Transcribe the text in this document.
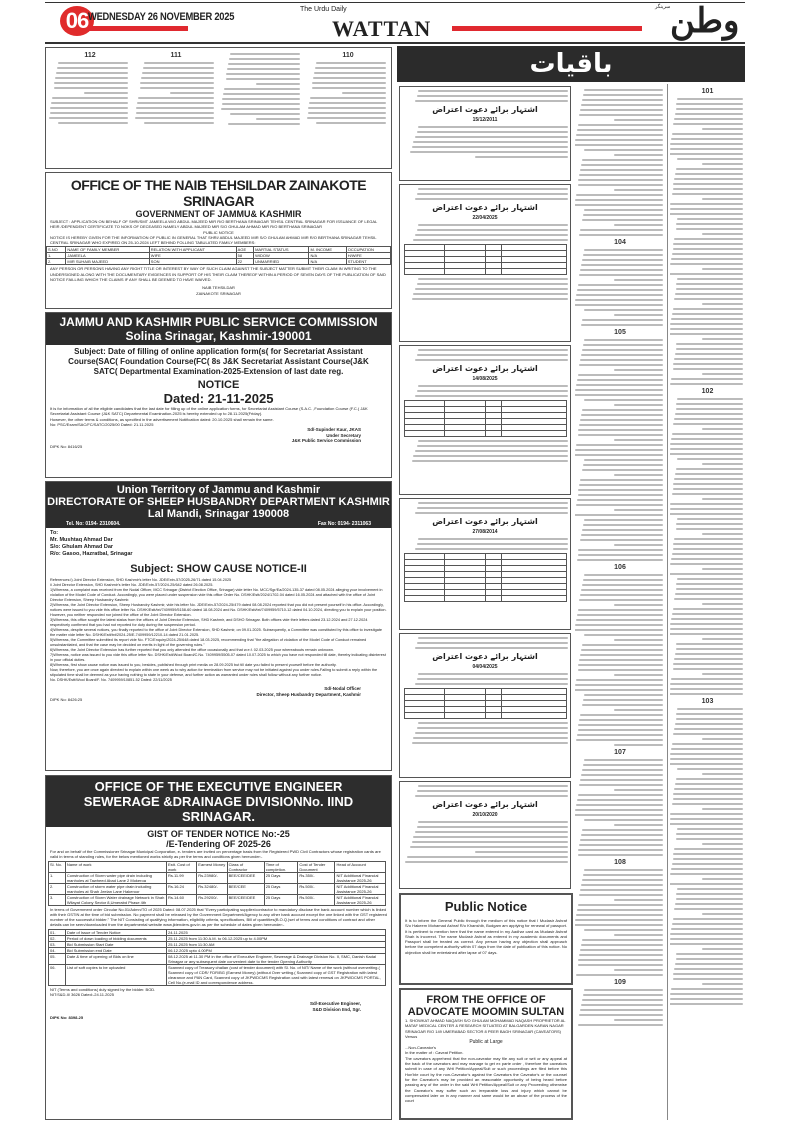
06 WEDNESDAY 26 NOVEMBER 2025
The Urdu Daily
WATTAN	وطن
سرینگر
112	111	110
OFFICE OF THE NAIB TEHSILDAR ZAINAKOTE SRINAGAR
GOVERNMENT OF JAMMU& KASHMIR
SUBJECT : APPLICATION ON BEHALF OF SHRI/SMT JAMEELA W/O ABDUL MAJEED MIR R/O BERTHANA SRINAGAR TEHSIL CENTRAL SRINAGAR FOR ISSUANCE OF LEGAL HEIR /DEPENDENT CERTIFICATE TO NOKS OF DECEASED NAMELY ABDUL MAJEED MIR S/O GHULAM AHMAD MIR R/O BERTHANA SRINAGAR
PUBLIC NOTICE
NOTICE IS HEREBY GIVEN FOR THE INFORMATION OF PUBLIC IN GENERAL THAT SHRI/ ABDUL MAJEED MIR S/O GHULAM AHMAD MIR R/O BERTHANA SRINAGAR TEHSIL CENTRAL SRINAGAR WHO EXPIRED ON 25-10-2024 LEFT BEHIND FOLLING TABULATED FAMILY MEMBERS:
S.NO	NAME OF FAMILY MEMBER	RELATION WITH APPLICANT	AGE	MARTIAL STATUS	M. INCOME	OCCUPATION
1.	JAMEELA	WIFE	58	WIDOW	N/A	H/WIFE
2.	MIR SUHAIB MAJEED	SON	22	UNMARRIED	N/A	STUDENT
ANY PERSON OR PERSONS HAVING ANY RIGHT TITLE OR INTEREST BY WAY OF SUCH CLAIM AGAINST THE SUBJECT MATTER SUBMIT THEIR CLAIM IN WRITING TO THE UNDERSIGNED ALONG WITH THE DOCUMENTARY EVIDENCES IN SUPPORT OF HIS THEIR CLAIM THEREOF WITHIN A PERIOD OF SEVEN DAYS OF THE PUBLICATION OF SAID NOTICE FAILLING WHICH THE CLAIMS IF ANY SHALL BE DEEMED TO HAVE WAIVED.
NAIB TEHSILDAR
ZAINAKOTE SRINAGAR
JAMMU AND KASHMIR PUBLIC SERVICE COMMISSION
Solina Srinagar, Kashmir-190001
Subject: Date of filling of online application form(s( for Secretariat Assistant Course(SAC( Foundation Course(FC( 8s J&K Secretariat Assistant Course(J&K SATC( Departmental Examination-2025-Extension of last date reg.
NOTICE
Dated: 21-11-2025
It is for information of all the eligible candidates that the last date for filling up of the online application forms, for Secretariat Assistant Course (S.A.C. ,Foundation Course (F.C.( J&K Secretariat Assistant Course (J&K SATC( Departmental Examination-2025 is hereby extended up to 28.11.2025(Friday(.
However, the other terms & conditions, as specified in the advertisement Notification dated: 20.10.2025 shall remain the same.
No: PSC/Exam/SAC/FC/SATC/2025/00 Dated: 21.11.2025
Sd/-Supinder Kaur, JKAS
Under Secretary
J&K Public Service Commission
DIPK No: 8416/25
Union Territory of Jammu and Kashmir
DIRECTORATE OF SHEEP HUSBANDRY DEPARTMENT KASHMIR
Lal Mandi, Srinagar 190008
Tel. No: 0194- 2310604.	Fax No: 0194- 2311063
To:
Mr. Mushtaq Ahmad Dar
S/o: Ghulam Ahmad Dar
R/o: Gasoo, Hazratbal, Srinagar
Subject: SHOW CAUSE NOTICE-II
References:i) Joint Director Extension, SHD Kashmir's letter No. JDE/Extn-57/2025-26/71 dated 15.04.2025
ii Joint Director Extension, SHD Kashmir's letter No. JDE/Extn-57/2024-25/642 dated 26.08.2025.
1)Whereas, a complaint was received from the Nodal Officer, MCC Srinagar (District Election Office, Srinagar) vide letter No. MCC/Sgr/Ea/2024-135-37 dated 08.05.2024 alleging your involvement in violation of the Model Code of Conduct. Accordingly, you were placed under suspension vide this office Order No. DSHK/Estt/2024/1702-04 dated 16.05.2024 and attached with the office of Joint Director Extension, Sheep Husbandry Kashmir.
2)Whereas, the Joint Director Extension, Sheep Husbandry Kashmir, vide his letter No. JDE/Extn-57/2024-25/479 dated 08.08.2024 reported that you did not present yourself in his office. Accordingly, notices were issued to you vide this office letter No. DSHK/Estt/txt/7409959/5158-60 dated 18.08.2024 and No. DSHK/Estt/txt/7409959/5710-12 dated 04.10.2024, directing you to explain your position. However, you neither responded nor joined the office of the Joint Director Extension.
3)Whereas, this office sought the latest status from the offices of Joint Director Extension, SHD Kashmir, and DSHO Srinagar. Both offices vide their letters dated 23.12.2024 and 27.12.2024 respectively confirmed that you had not reported for duty during the suspension period.
4)Whereas, despite several notices, you finally reported to the office of Joint Director Extension, SHD Kashmir, on 09.01.2025. Subsequently, a Committee was constituted by this office to investigate the matter vide letter No. DSHK/Estt/txt/2024-25/E-7409959/12210-14 dated 21.01.2025.
5)Whereas, the Committee submitted its report vide No. FTC/Enquiry/2024-25/648 dated 18.03.2025, recommending that "the allegation of violation of the Model Code of Conduct remained unsubstantiated, and that the case may be decided on merits in light of the governing rules."
6)Whereas, the Joint Director Extension has further reported that you only attended the office occasionally and that w.e.f. 02.03.2025 your whereabouts remain unknown.
7)Whereas, notice was issued to you vide this office letter No. DSHK/Estt/Wool Board/C.No. 7409959/5505-07 dated 10.07.2025 to which you have not responded till date, thereby indicating disinterest in your official duties.
8)Whereas, first show cause notice was issued to you, besides, published through print media on 28.09.2025 but till date you failed to present yourself before the authority.
Now, therefore, you are once again directed to explain within one week as to why action for termination from service may not be initiated against you under rules.Failing to submit a reply within the stipulated time shall be deemed as your having nothing to state in your defense, and further action as warranted under rules shall follow without any further notice.
No. DSHK/Estt/Wool Board/F. No. 7409959/10851-52 Dated: 22/11/2025
Sd/-Nodal Officer
Director, Sheep Husbandry Department, Kashmir
DIPK No: 8426:25
OFFICE OF THE EXECUTIVE ENGINEER SEWERAGE &DRAINAGE DIVISIONNo. IIND SRINAGAR.
GIST OF TENDER NOTICE No:-25
/E-Tendering OF 2025-26
For and on behalf of the Commissioner Srinagar Municipal Corporation, e- tenders are invited on percentage basis from the Registered PWD Civil Contractors whose registration cards are valid in terms of standing rules, for the below mentioned works strictly as per the terms and conditions given hereunder:-
Sl. No.	Name of work	Estt. Cost of work	Earnest Money	Class of Contractor	Time of completion.	Cost of Tender Document	Head of Account
1.	Construction of Storm water pipe drain including manholes at Tawheed Abad Lane 2 Mokeroa	Rs.11.99	Rs.23980/-	BEE/CEE/DEE	25 Days	Rs.350/-	NIT Additional Financial Assistance 2025-26
2.	Construction of storm water pipe drain including manholes at Shah Jeelan Lane Hakeroor	Rs.16.24	Rs.32480/-	BEE/CEE	25 Days	Rs.500/-	NIT Additional Financial Assistance 2025-26
3.	Construction of Storm Water drainage Network in Shah Wilayat Colony Sector 8,Umerabd Phase 4th	Rs.14.60	Rs.29200/-	BEE/CEE/DEE	25 Days	Rs.500/-	NIT Additional Financial Assistance 2025-26
In terms of Government order Circular No.01/Admn/TO of 2025 Dated: 08.07.2025 that "Every participating supplier/contractor to mandatory disclose the bank account number which is linked with their GSTIN at the time of bid submission. No payment shall be released by the Government Department/Agency to any other bank account except the one linked with the GST registered number of the successful bidder." The NIT Consisting of qualifying information, eligibility criteria, specifications, Bill of quantities(B.O.Q.)set of terms and conditions of contract and other details can be seen/downloaded from the departmental website www.jktenders.gov.in as per the schedule of dates given hereunder:-
01.	Date of Issue of Tender Notice	24.11.2025
02.	Period of down loading of bidding documents	25.11.2025 from 11:30 A.M. to 06.12.2025 up to 4.00PM
03.	Bid Submission Start Date	25.11.2025 from 11:30 AM
04.	Bid Submission end Date	06.12.2025 upto 4.00PM
05.	Date & time of opening of Bids on line	08.12.2025 at 11.30 PM in the office of Executive Engineer, Sewerage & Drainage Division No. II, SMC, Danish Kadal Srinagar or any subsequent date convenient date to the tender Opening Authority
06.	List of soft copies to be uploaded	Scanned copy of Treasury challan (cost of tender document) with Sl. No. of NIT/ Name of the work (without overwriting.( Scanned copy of CDR/ FDR/BG (Earnest Money) (without Over writing.( Scanned copy of GST Registration with latest clearance and PAN Card, Scanned copy of JKPWDCMS Registration card with latest renewal on JKPWDCMS PORTAL, Cell No.(e-mail ID and correspondence address.
NIT (Terms and conditions( duly signed by the bidder. BOD.
NIT:S&D-II/ 3626 Dated:-24.11.2025
Sd/-Executive Engineer,
S&D Division IInd, Sgr.
DIPK No: 8398-25
باقیات
اشتہار برائے دعوت اعتراض
15/12/2011
اشتہار برائے دعوت اعتراض
22/04/2025

اشتہار برائے دعوت اعتراض
14/08/2025

اشتہار برائے دعوت اعتراض
27/08/2014

اشتہار برائے دعوت اعتراض
04/04/2025

اشتہار برائے دعوت اعتراض
20/10/2020
Public Notice
It is to inform the General Public through the medium of this notice that I Mudasir Ashraf S/o Hakeem Mohamad Ashraf R/o Khanshib, Budgam am applying for renewal of passport. It is pertinent to mention here that the name entered in my Aadhar card as Mudasir Ashraf Shah is incorrect. The name Mudasir Ashraf as entered in my academic documents and Passport shall be treated as correct. Any person having any objection shall approach before the competent authority within 07 days from the date of publication of this notice. No objection shall be entertained after lapse of 07 days.
FROM THE OFFICE OF
ADVOCATE MOOMIN SULTAN
1. SHOWKAT AHMAD NAQASH S/O GHULAM MOHAMMAD NAQASH PROPRIETOR AL MATAF MEDICAL CENTER & RESEARCH SITUATED AT BALGARDEN KARAN NAGAR SRINAGAR R/O 149 UMERABAD SECTOR 8 PEER BAGH SRINAGAR (CAVEATORS)
Versus
Public at Large
...Non-Caveator's
In the matter of : Caveat Petition.
The caveators apprehend that the non-caveator may file any suit or writ or any appeal at the back of the caveators and may manage to get ex parte order , therefore the caveators submit in case of any Writ Petition/Appeal/Suit or such proceedings are filed before this Hon'ble court by the non-Caveator's against the Caveators the Caveator's or the counsel for the Caveator's may be provided an reasonable opportunity of being heard before passing any of the order in the said Writ Petition/Appeal/Suit or any Proceeding otherwise the Caveator's may suffer such an irreparable loss and injury which cannot be compensated later on in any manner and same would be an abuse of the process of the court
104
105
106
107
108
109
101
102
103
